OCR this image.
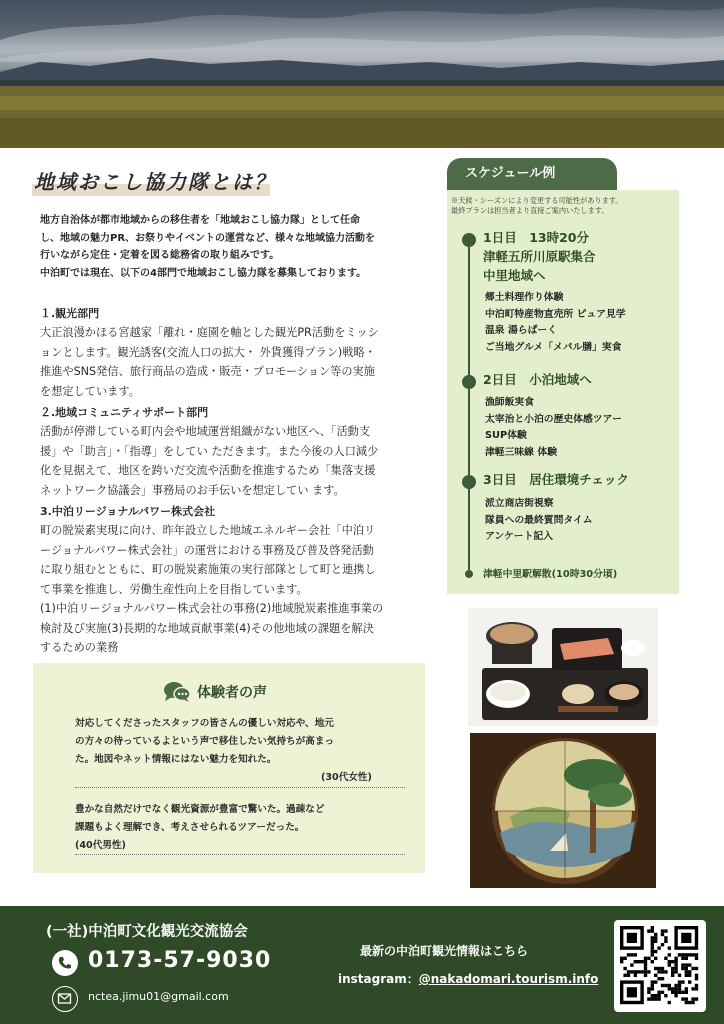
地域おこし協力隊とは？

地方自治体が都市地域からの移住者を「地域おこし協力隊」として任命

し、地域の魅力PR、お祭りやイベントの運営など、様々な地域協力活動を

行いながら定住・定着を図る総務省の取り組みです。

中泊町では現在、以下の4部門で地域おこし協力隊を募集しております。

１.観光部門

大正浪漫かほる宮越家「離れ・庭園を軸とした観光PR活動をミッシ

ョンとします。観光誘客(交流人口の拡大・ 外貨獲得プラン)戦略・

推進やSNS発信、旅行商品の造成・販売・プロモーション等の実施

を想定しています。

２.地域コミュニティサポート部門

活動が停滞している町内会や地域運営組織がない地区へ、「活動支

援」や「助言」・「指導」をしてい ただきます。また今後の人口減少

化を見据えて、地区を跨いだ交流や活動を推進するため「集落支援

ネットワーク協議会」事務局のお手伝いを想定してい ます。

3.中泊リージョナルパワー株式会社

町の脱炭素実現に向け、昨年設立した地域エネルギー会社「中泊リ

ージョナルパワー株式会社」の運営における事務及び普及啓発活動

に取り組むとともに、町の脱炭素施策の実行部隊として町と連携し

て事業を推進し、労働生産性向上を目指しています。

(1)中泊リージョナルパワー株式会社の事務(2)地域脱炭素推進事業の

検討及び実施(3)長期的な地域貢献事業(4)その他地域の課題を解決

するための業務

体験者の声

対応してくださったスタッフの皆さんの優しい対応や、地元

の方々の待っているよという声で移住したい気持ちが高まっ

た。地図やネット情報にはない魅力を知れた。

(30代女性)

豊かな自然だけでなく観光資源が豊富で驚いた。過疎など

課題もよく理解でき、考えさせられるツアーだった。

(40代男性)
スケジュール例

※天候・シーズンにより変更する可能性があります。

最終プランは担当者より直接ご案内いたします。

1日目　13時20分
津軽五所川原駅集合
中里地域へ

郷土料理作り体験

中泊町特産物直売所 ピュア見学

温泉 湯らぱーく

ご当地グルメ「メバル膳」実食

2日目　小泊地域へ

漁師飯実食

太宰治と小泊の歴史体感ツアー

SUP体験

津軽三味線 体験

3日目　居住環境チェック

派立商店街視察

隊員への最終質問タイム

アンケート記入

津軽中里駅解散(10時30分頃)
(一社)中泊町文化観光交流協会
0173-57-9030
ncteа.jimu01@gmail.com
最新の中泊町観光情報はこちら
instagram：@nakadomari.tourism.info
